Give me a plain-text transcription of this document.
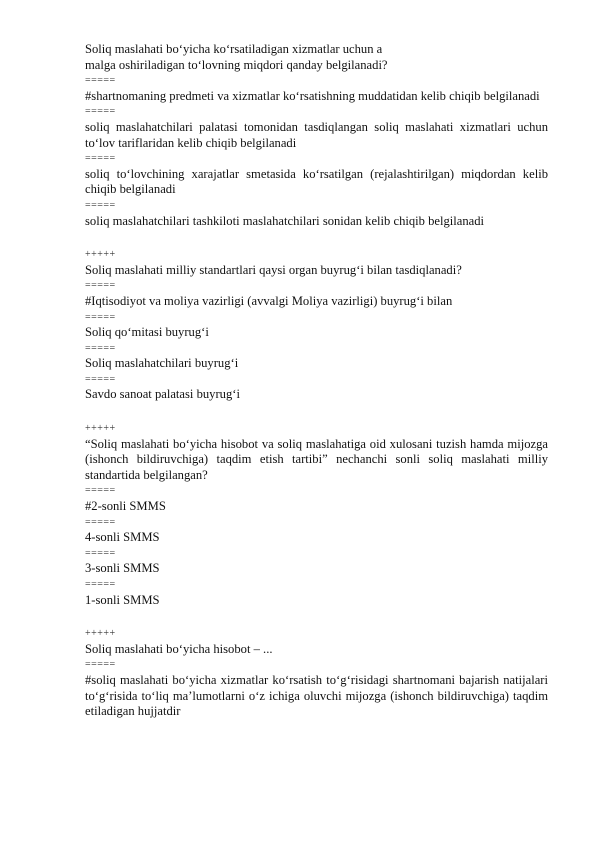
Soliq maslahati bo‘yicha ko‘rsatiladigan xizmatlar uchun a

malga oshiriladigan to‘lovning miqdori qanday belgilanadi?

=====

#shartnomaning predmeti va xizmatlar ko‘rsatishning muddatidan kelib chiqib belgilanadi

=====

soliq maslahatchilari palatasi tomonidan tasdiqlangan soliq maslahati xizmatlari uchun to‘lov tariflaridan kelib chiqib belgilanadi

=====

soliq to‘lovchining xarajatlar smetasida ko‘rsatilgan (rejalashtirilgan) miqdordan kelib chiqib belgilanadi

=====

soliq maslahatchilari tashkiloti maslahatchilari sonidan kelib chiqib belgilanadi

+++++

Soliq maslahati milliy standartlari qaysi organ buyrug‘i bilan tasdiqlanadi?

=====

#Iqtisodiyot va moliya vazirligi (avvalgi Moliya vazirligi) buyrug‘i bilan

=====

Soliq qo‘mitasi buyrug‘i

=====

Soliq maslahatchilari buyrug‘i

=====

Savdo sanoat palatasi buyrug‘i

+++++

“Soliq maslahati bo‘yicha hisobot va soliq maslahatiga oid xulosani tuzish hamda mijozga (ishonch bildiruvchiga) taqdim etish tartibi” nechanchi sonli soliq maslahati milliy standartida belgilangan?

=====

#2-sonli SMMS

=====

4-sonli SMMS

=====

3-sonli SMMS

=====

1-sonli SMMS

+++++

Soliq maslahati bo‘yicha hisobot – ...

=====

#soliq maslahati bo‘yicha xizmatlar ko‘rsatish to‘g‘risidagi shartnomani bajarish natijalari to‘g‘risida to‘liq ma’lumotlarni o‘z ichiga oluvchi mijozga (ishonch bildiruvchiga) taqdim etiladigan hujjatdir
